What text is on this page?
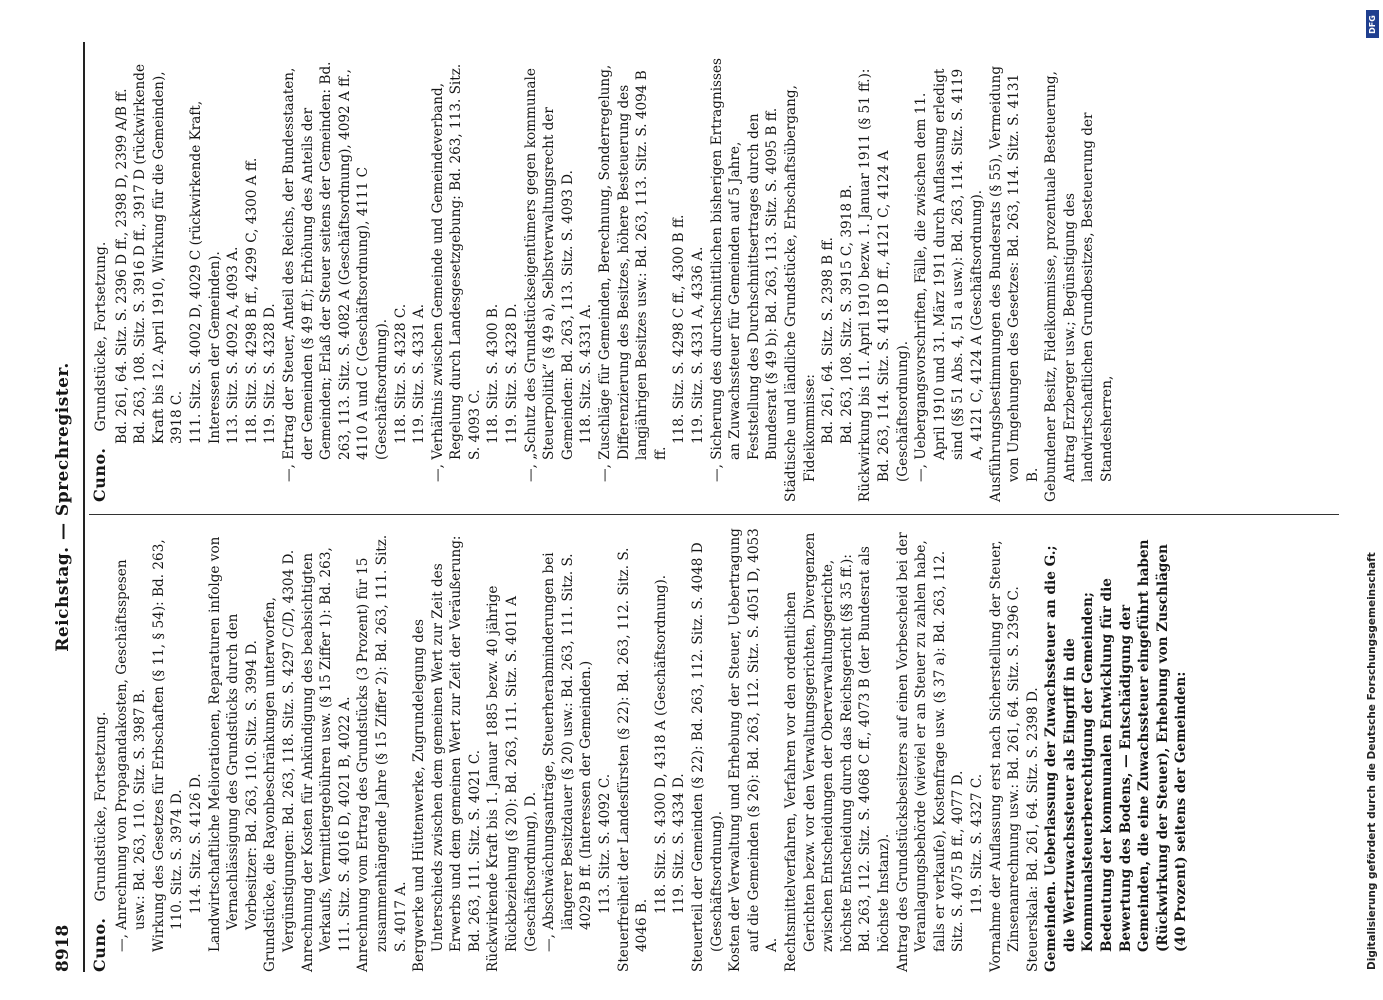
8918
Reichstag. — Sprechregister.
Cuno.
Grundstücke, Fortsetzung. —, Anrechnung von Propagandakosten, Geschäftsspesen usw.: Bd. 263, 110. Sitz. S. 3987 B. Wirkung des Gesetzes für Erbschaften (§ 11, § 54): Bd. 263, 110. Sitz. S. 3974 D. 114. Sitz. S. 4126 D. Landwirtschaftliche Meliorationen, Reparaturen infolge von Vernachlässigung des Grundstücks durch den Vorbesitzer: Bd. 263, 110. Sitz. S. 3994 D. Grundstücke, die Rayonbeschränkungen unterworfen, Vergünstigungen: Bd. 263, 118. Sitz. S. 4297 C/D, 4304 D. Anrechnung der Kosten für Ankündigung des beabsichtigten Verkaufs, Vermittlergebühren usw. (§ 15 Ziffer 1): Bd. 263, 111. Sitz. S. 4016 D, 4021 B, 4022 A. Anrechnung vom Ertrag des Grundstücks (3 Prozent) für 15 zusammenhängende Jahre (§ 15 Ziffer 2): Bd. 263, 111. Sitz. S. 4017 A. Bergwerke und Hüttenwerke, Zugrundelegung des Unterschieds zwischen dem gemeinen Wert zur Zeit des Erwerbs und dem gemeinen Wert zur Zeit der Veräußerung: Bd. 263, 111. Sitz. S. 4021 C. Rückwirkende Kraft bis 1. Januar 1885 bezw. 40 jährige Rückbeziehung (§ 20): Bd. 263, 111. Sitz. S. 4011 A (Geschäftsordnung), D. —, Abschwächungsanträge, Steuerherabminderungen bei längerer Besitzdauer (§ 20) usw.: Bd. 263, 111. Sitz. S. 4029 B ff. (Interessen der Gemeinden.) 113. Sitz. S. 4092 C. Steuerfreiheit der Landesfürsten (§ 22): Bd. 263, 112. Sitz. S. 4046 B.

118. Sitz. S. 4300 D, 4318 A (Geschäftsordnung). 119. Sitz. S. 4334 D. Steuerteil der Gemeinden (§ 22): Bd. 263, 112. Sitz. S. 4048 D (Geschäftsordnung). Kosten der Verwaltung und Erhebung der Steuer, Uebertragung auf die Gemeinden (§ 26): Bd. 263, 112. Sitz. S. 4051 D, 4053 A. Rechtsmittelverfahren, Verfahren vor den ordentlichen Gerichten bezw. vor den Verwaltungsgerichten, Divergenzen zwischen Entscheidungen der Oberverwaltungsgerichte, höchste Entscheidung durch das Reichsgericht (§§ 35 ff.): Bd. 263, 112. Sitz. S. 4068 C ff., 4073 B (der Bundesrat als höchste Instanz). Antrag des Grundstücksbesitzers auf einen Vorbescheid bei der Veranlagungsbehörde (wieviel er an Steuer zu zahlen habe, falls er verkaufe), Kostenfrage usw. (§ 37 a): Bd. 263, 112. Sitz. S. 4075 B ff., 4077 D. 119. Sitz. S. 4327 C. Vornahme der Auflassung erst nach Sicherstellung der Steuer, Zinsenanrechnung usw.: Bd. 261, 64. Sitz. S. 2396 C. Steuerskala: Bd. 261, 64. Sitz. S. 2398 D. Gemeinden. Ueberlassung der Zuwachssteuer an die G.; die Wertzuwachssteuer als Eingriff in die Kommunalsteuerberechtigung der Gemeinden; Bedeutung der kommunalen Entwicklung für die Bewertung des Bodens, — Entschädigung der Gemeinden, die eine Zuwachssteuer eingeführt haben (Rückwirkung der Steuer), Erhebung von Zuschlägen (40 Prozent) seitens der Gemeinden:

Cuno.
Grundstücke, Fortsetzung. Bd. 261, 64. Sitz. S. 2396 D ff., 2398 D, 2399 A/B ff. Bd. 263, 108. Sitz. S. 3916 D ff., 3917 D (rückwirkende Kraft bis 12. April 1910, Wirkung für die Gemeinden), 3918 C. 111. Sitz. S. 4002 D, 4029 C (rückwirkende Kraft, Interessen der Gemeinden). 113. Sitz. S. 4092 A, 4093 A. 118. Sitz. S. 4298 B ff., 4299 C, 4300 A ff. 119. Sitz. S. 4328 D. —, Ertrag der Steuer, Anteil des Reichs, der Bundesstaaten, der Gemeinden (§ 49 ff.); Erhöhung des Anteils der Gemeinden; Erlaß der Steuer seitens der Gemeinden: Bd. 263, 113. Sitz. S. 4082 A (Geschäftsordnung), 4092 A ff., 4110 A und C (Geschäftsordnung), 4111 C (Geschäftsordnung). 118. Sitz. S. 4328 C. 119. Sitz. S. 4331 A. —, Verhältnis zwischen Gemeinde und Gemeindeverband, Regelung durch Landesgesetzgebung: Bd. 263, 113. Sitz. S. 4093 C. 118. Sitz. S. 4300 B. 119. Sitz. S. 4328 D. —, „Schutz des Grundstückseigentümers gegen kommunale Steuerpolitik“ (§ 49 a), Selbstverwaltungsrecht der Gemeinden: Bd. 263, 113. Sitz. S. 4093 D. 118. Sitz. S. 4331 A. —, Zuschläge für Gemeinden, Berechnung, Sonderregelung, Differenzierung des Besitzes, höhere Besteuerung des langjährigen Besitzes usw.: Bd. 263, 113. Sitz. S. 4094 B ff.

118. Sitz. S. 4298 C ff., 4300 B ff. 119. Sitz. S. 4331 A, 4336 A. —, Sicherung des durchschnittlichen bisherigen Ertragnisses an Zuwachssteuer für Gemeinden auf 5 Jahre, Feststellung des Durchschnittsertrages durch den Bundesrat (§ 49 b): Bd. 263, 113. Sitz. S. 4095 B ff. Städtische und ländliche Grundstücke, Erbschaftsübergang, Fideikommisse: Bd. 261, 64. Sitz. S. 2398 B ff. Bd. 263, 108. Sitz. S. 3915 C, 3918 B. Rückwirkung bis 11. April 1910 bezw. 1. Januar 1911 (§ 51 ff.): Bd. 263, 114. Sitz. S. 4118 D ff., 4121 C, 4124 A (Geschäftsordnung). —, Uebergangsvorschriften, Fälle, die zwischen dem 11. April 1910 und 31. März 1911 durch Auflassung erledigt sind (§§ 51 Abs. 4, 51 a usw.): Bd. 263, 114. Sitz. S. 4119 A, 4121 C, 4124 A (Geschäftsordnung). Ausführungsbestimmungen des Bundesrats (§ 55), Vermeidung von Umgehungen des Gesetzes: Bd. 263, 114. Sitz. S. 4131 B. Gebundener Besitz, Fideikommisse, prozentuale Besteuerung, Antrag Erzberger usw.; Begünstigung des landwirtschaftlichen Grundbesitzes, Besteuerung der Standesherren,

Digitalisierung gefördert durch die Deutsche Forschungsgemeinschaft
DFG
